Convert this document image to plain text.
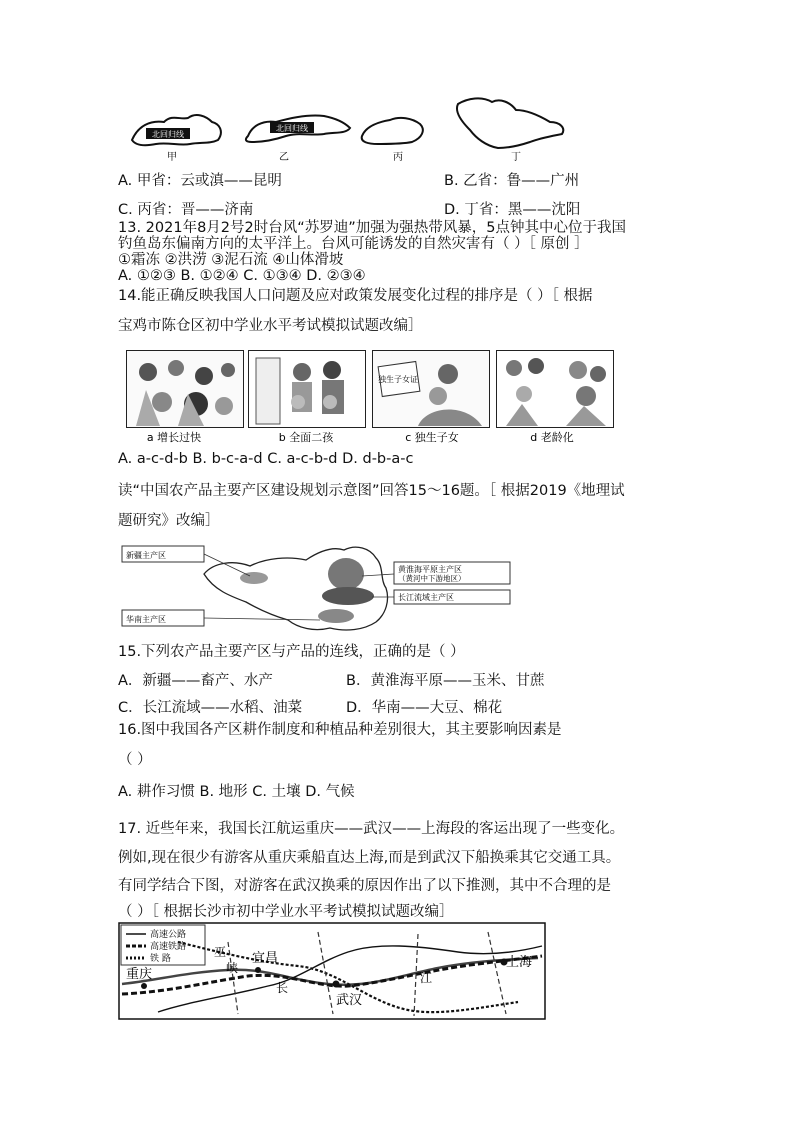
北回归线
北回归线
甲	乙	丙	丁
A. 甲省：云或滇——昆明	B. 乙省：鲁——广州
C. 丙省：晋——济南	D. 丁省：黑——沈阳
13. 2021年8月2号2时台风“苏罗迪”加强为强热带风暴，5点钟其中心位于我国
钓鱼岛东偏南方向的太平洋上。台风可能诱发的自然灾害有（ ）［ 原创 ］
①霜冻 ②洪涝 ③泥石流 ④山体滑坡
A. ①②③ B. ①②④ C. ①③④ D. ②③④
14.能正确反映我国人口问题及应对政策发展变化过程的排序是（ ）［ 根据
宝鸡市陈仓区初中学业水平考试模拟试题改编］
独生子女证
a 增长过快	b 全面二孩	c 独生子女	d 老龄化
A. a-c-d-b B. b-c-a-d C. a-c-b-d D. d-b-a-c
读“中国农产品主要产区建设规划示意图”回答15～16题。［ 根据2019《地理试
题研究》改编］
新疆主产区
华南主产区
黄淮海平原主产区
（黄河中下游地区）
长江流域主产区
15.下列农产品主要产区与产品的连线，正确的是（ ）
A．新疆——畜产、水产	B．黄淮海平原——玉米、甘蔗
C．长江流域——水稻、油菜	D．华南——大豆、棉花
16.图中我国各产区耕作制度和种植品种差别很大，其主要影响因素是
（ ）
A. 耕作习惯 B. 地形 C. 土壤 D. 气候
17. 近些年来，我国长江航运重庆——武汉——上海段的客运出现了一些变化。
例如,现在很少有游客从重庆乘船直达上海,而是到武汉下船换乘其它交通工具。
有同学结合下图，对游客在武汉换乘的原因作出了以下推测，其中不合理的是
（ ）［ 根据长沙市初中学业水平考试模拟试题改编］
高速公路
高速铁路
铁 路
重庆
宜昌
武汉
上海
巫
峡
长
江
